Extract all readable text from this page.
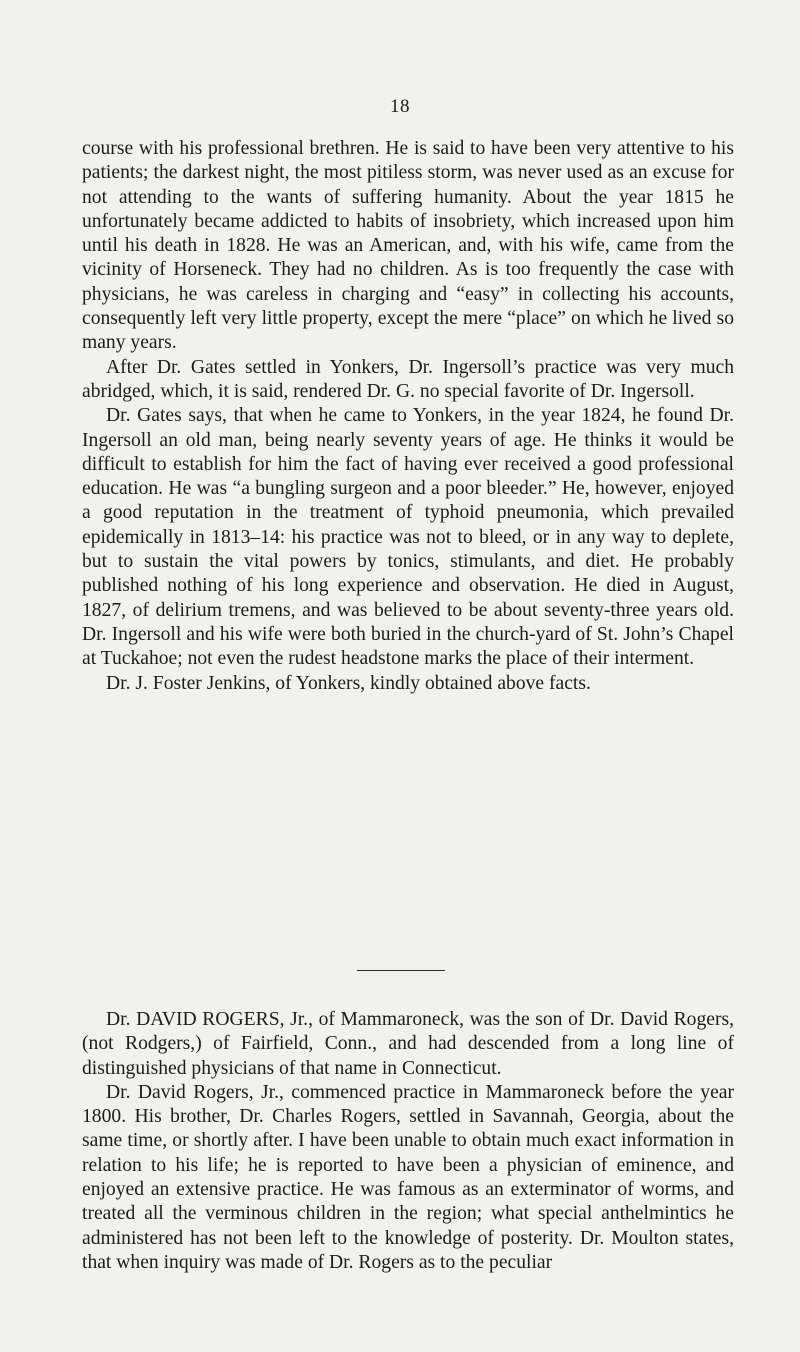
18

course with his professional brethren. He is said to have been very attentive to his patients; the darkest night, the most pitiless storm, was never used as an excuse for not attending to the wants of suffering humanity. About the year 1815 he unfortunately became addicted to habits of insobriety, which increased upon him until his death in 1828. He was an American, and, with his wife, came from the vicinity of Horseneck. They had no children. As is too frequently the case with physicians, he was careless in charging and “easy” in collecting his accounts, consequently left very little property, except the mere “place” on which he lived so many years.

After Dr. Gates settled in Yonkers, Dr. Ingersoll’s practice was very much abridged, which, it is said, rendered Dr. G. no special favorite of Dr. Ingersoll.

Dr. Gates says, that when he came to Yonkers, in the year 1824, he found Dr. Ingersoll an old man, being nearly seventy years of age. He thinks it would be difficult to establish for him the fact of having ever received a good professional education. He was “a bungling surgeon and a poor bleeder.” He, however, enjoyed a good reputation in the treatment of typhoid pneumonia, which prevailed epidemically in 1813–14: his practice was not to bleed, or in any way to deplete, but to sustain the vital powers by tonics, stimulants, and diet. He probably published nothing of his long experience and observation. He died in August, 1827, of delirium tremens, and was believed to be about seventy-three years old. Dr. Ingersoll and his wife were both buried in the church-yard of St. John’s Chapel at Tuckahoe; not even the rudest headstone marks the place of their interment.

Dr. J. Foster Jenkins, of Yonkers, kindly obtained above facts.

Dr. DAVID ROGERS, Jr., of Mammaroneck, was the son of Dr. David Rogers, (not Rodgers,) of Fairfield, Conn., and had descended from a long line of distinguished physicians of that name in Connecticut.

Dr. David Rogers, Jr., commenced practice in Mammaroneck before the year 1800. His brother, Dr. Charles Rogers, settled in Savannah, Georgia, about the same time, or shortly after. I have been unable to obtain much exact information in relation to his life; he is reported to have been a physician of eminence, and enjoyed an extensive practice. He was famous as an exterminator of worms, and treated all the verminous children in the region; what special anthelmintics he administered has not been left to the knowledge of posterity. Dr. Moulton states, that when inquiry was made of Dr. Rogers as to the peculiar
